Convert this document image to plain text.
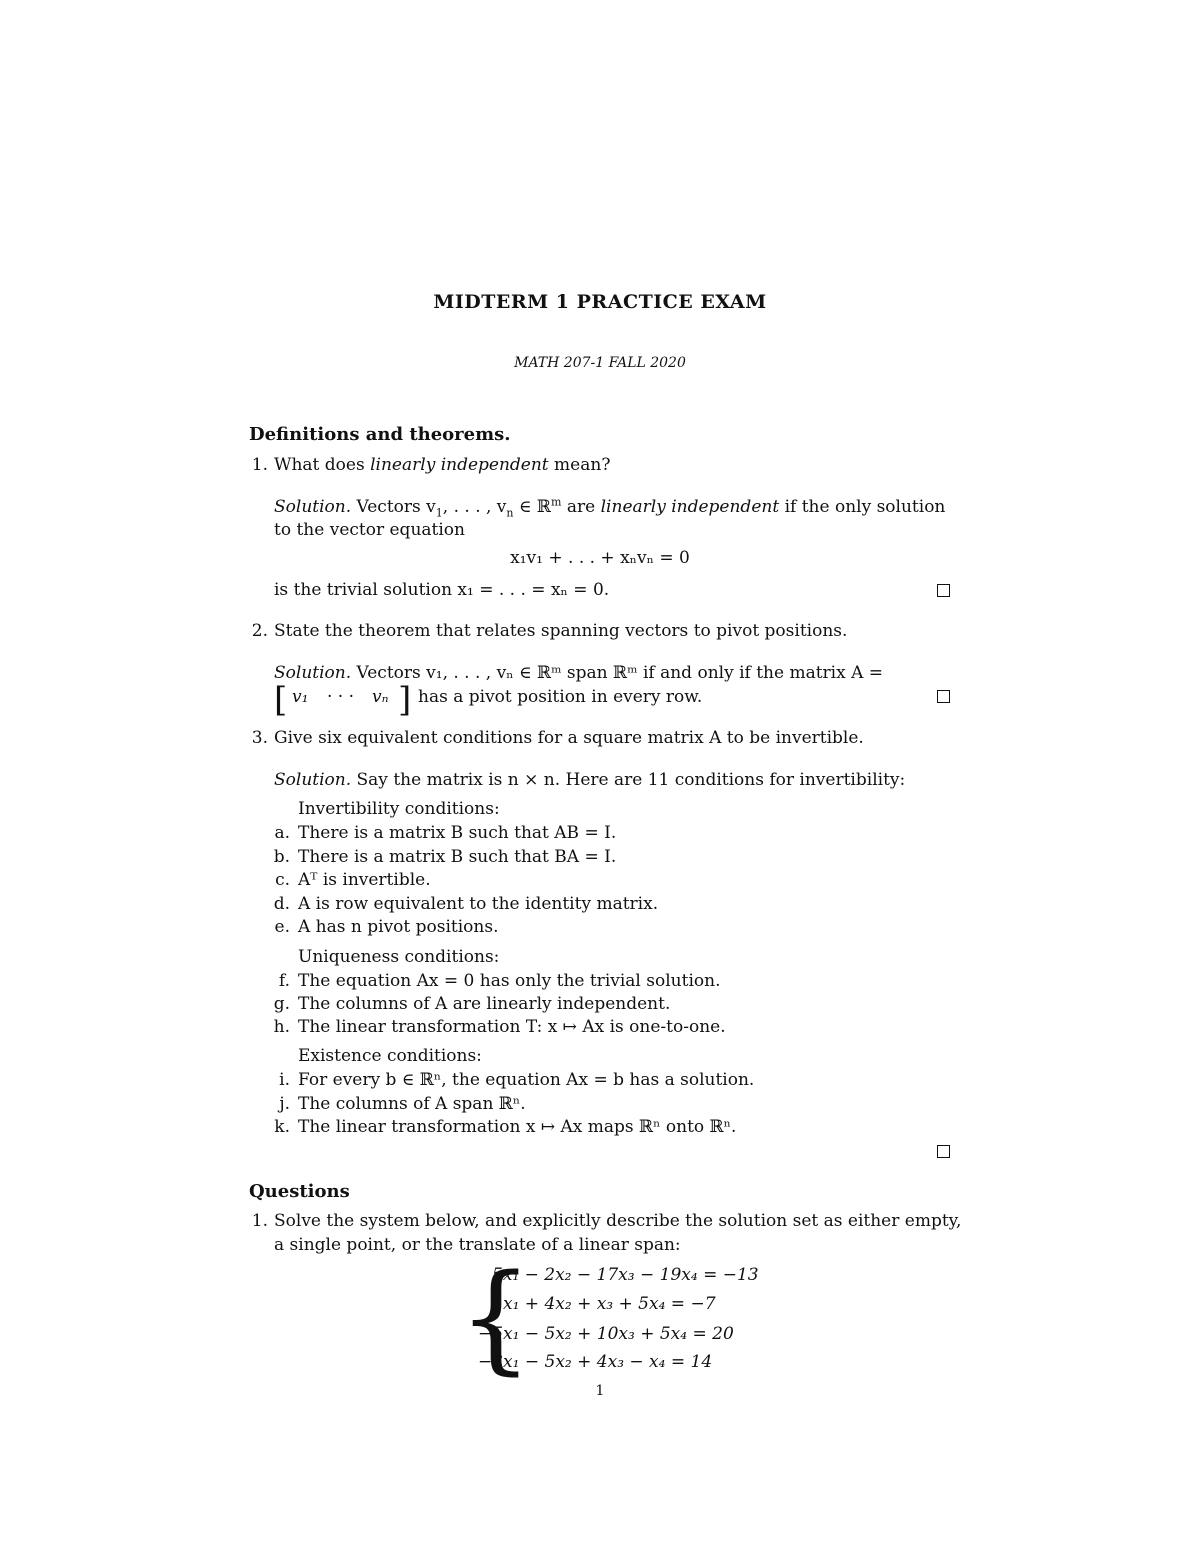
MIDTERM 1 PRACTICE EXAM
MATH 207-1 FALL 2020
Definitions and theorems.
1. What does linearly independent mean?
Solution. Vectors $v_1$, . . . , $v_n$ ∈ ℝ$^m$ are linearly independent if the only solution
to the vector equation
x₁v₁ + . . . + xₙvₙ = 0
is the trivial solution x₁ = . . . = xₙ = 0.
2. State the theorem that relates spanning vectors to pivot positions.
Solution. Vectors v₁, . . . , vₙ ∈ ℝᵐ span ℝᵐ if and only if the matrix A =
[ v₁ · · · vₙ ] has a pivot position in every row.
3. Give six equivalent conditions for a square matrix A to be invertible.
Solution. Say the matrix is n × n. Here are 11 conditions for invertibility:
Invertibility conditions:
a. There is a matrix B such that AB = I.
b. There is a matrix B such that BA = I.
c. Aᵀ is invertible.
d. A is row equivalent to the identity matrix.
e. A has n pivot positions.
Uniqueness conditions:
f. The equation Ax = 0 has only the trivial solution.
g. The columns of A are linearly independent.
h. The linear transformation T: x ↦ Ax is one-to-one.
Existence conditions:
i. For every b ∈ ℝⁿ, the equation Ax = b has a solution.
j. The columns of A span ℝⁿ.
k. The linear transformation x ↦ Ax maps ℝⁿ onto ℝⁿ.
Questions
1. Solve the system below, and explicitly describe the solution set as either empty,
a single point, or the translate of a linear span:
{
5x₁ − 2x₂ − 17x₃ − 19x₄ = −13
x₁ + 4x₂ + x₃ + 5x₄ = −7
−5x₁ − 5x₂ + 10x₃ + 5x₄ = 20
−3x₁ − 5x₂ + 4x₃ − x₄ = 14
1
